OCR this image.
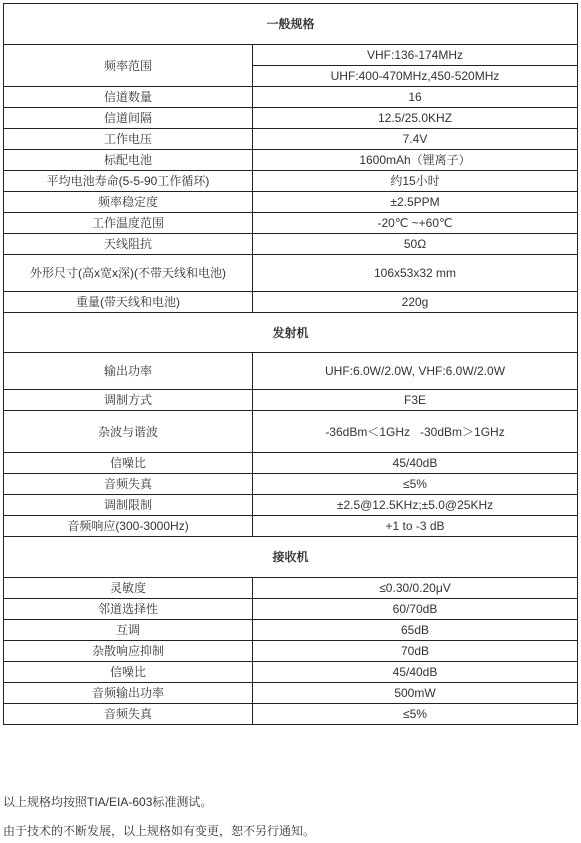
一般规格	
频率范围	VHF:136-174MHz
	UHF:400-470MHz,450-520MHz
信道数量	16
信道间隔	12.5/25.0KHZ
工作电压	7.4V
标配电池	1600mAh（锂离子）
平均电池寿命(5-5-90工作循环)	约15小时
频率稳定度	±2.5PPM
工作温度范围	-20℃ ~+60℃
天线阻抗	50Ω
外形尺寸(高x宽x深)(不带天线和电池)	106x53x32 mm
重量(带天线和电池)	220g
发射机	
输出功率	UHF:6.0W/2.0W, VHF:6.0W/2.0W
调制方式	F3E
杂波与谐波	-36dBm＜1GHz   -30dBm＞1GHz
信噪比	45/40dB
音频失真	≤5%
调制限制	±2.5@12.5KHz;±5.0@25KHz
音频响应(300-3000Hz)	+1 to -3 dB
接收机	
灵敏度	≤0.30/0.20μV
邻道选择性	60/70dB
互调	65dB
杂散响应抑制	70dB
信噪比	45/40dB
音频输出功率	500mW
音频失真	≤5%

以上规格均按照TIA/EIA-603标准测试。

由于技术的不断发展，以上规格如有变更，恕不另行通知。
